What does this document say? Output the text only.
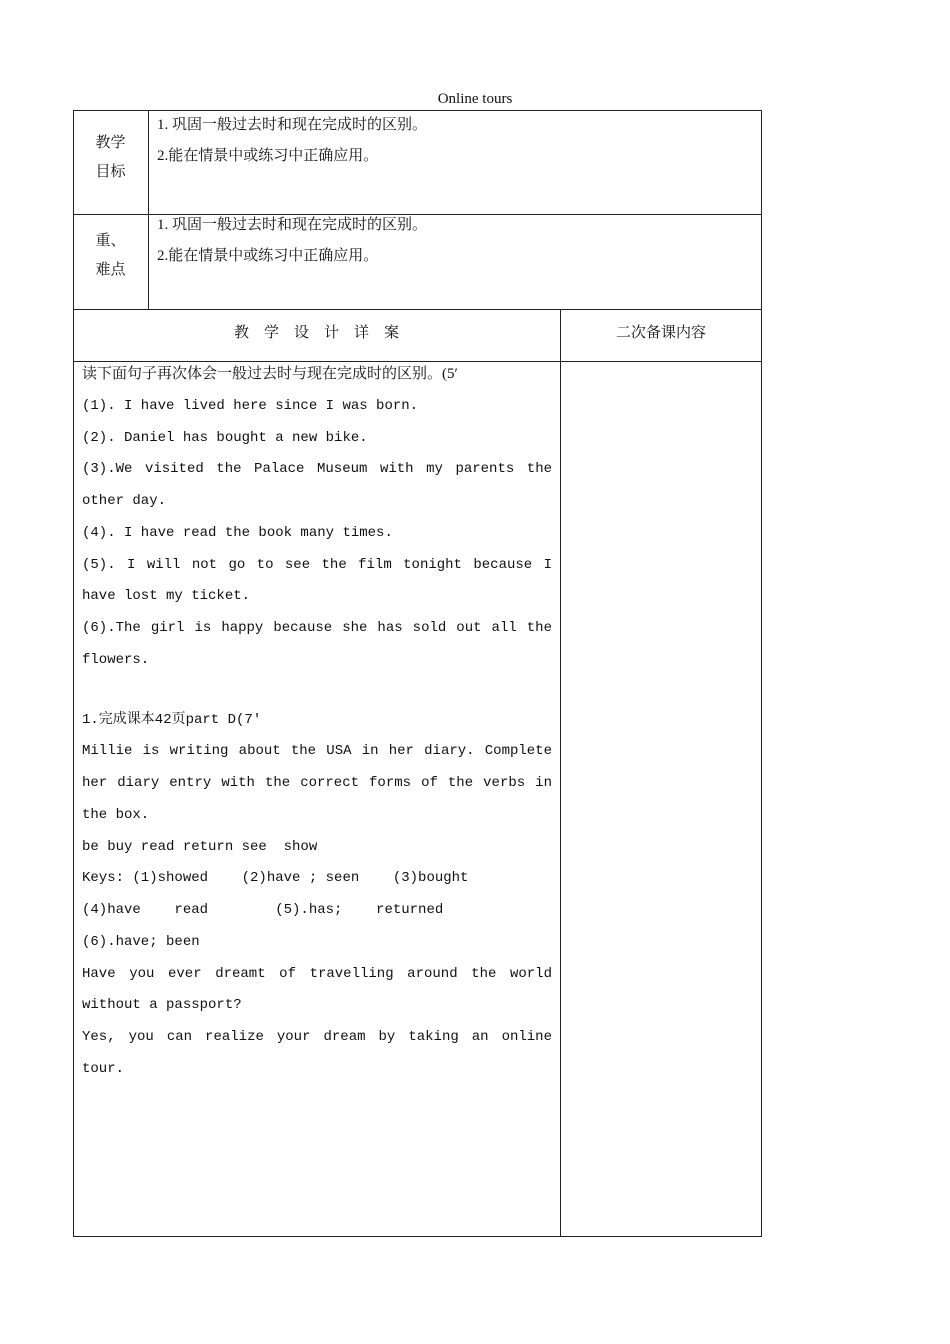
Online tours
教学
目标
1. 巩固一般过去时和现在完成时的区别。
2.能在情景中或练习中正确应用。
重、
难点
1. 巩固一般过去时和现在完成时的区别。
2.能在情景中或练习中正确应用。
教　学　设　计　详　案	二次备课内容
读下面句子再次体会一般过去时与现在完成时的区别。(5′
(1). I have lived here since I was born.
(2). Daniel has bought a new bike.
(3).We visited the Palace Museum with my parents the
other day.
(4). I have read the book many times.
(5). I will not go to see the film tonight because I
have lost my ticket.
(6).The girl is happy because she has sold out all the
flowers.
1.完成课本42页part D(7′
Millie is writing about the USA in her diary. Complete
her diary entry with the correct forms of the verbs in
the box.
be buy read return see  show
Keys: (1)showed    (2)have ; seen    (3)bought
(4)have    read        (5).has;    returned
(6).have; been
Have you ever dreamt of travelling around the world
without a passport?
Yes, you can realize your dream by taking an online
tour.
